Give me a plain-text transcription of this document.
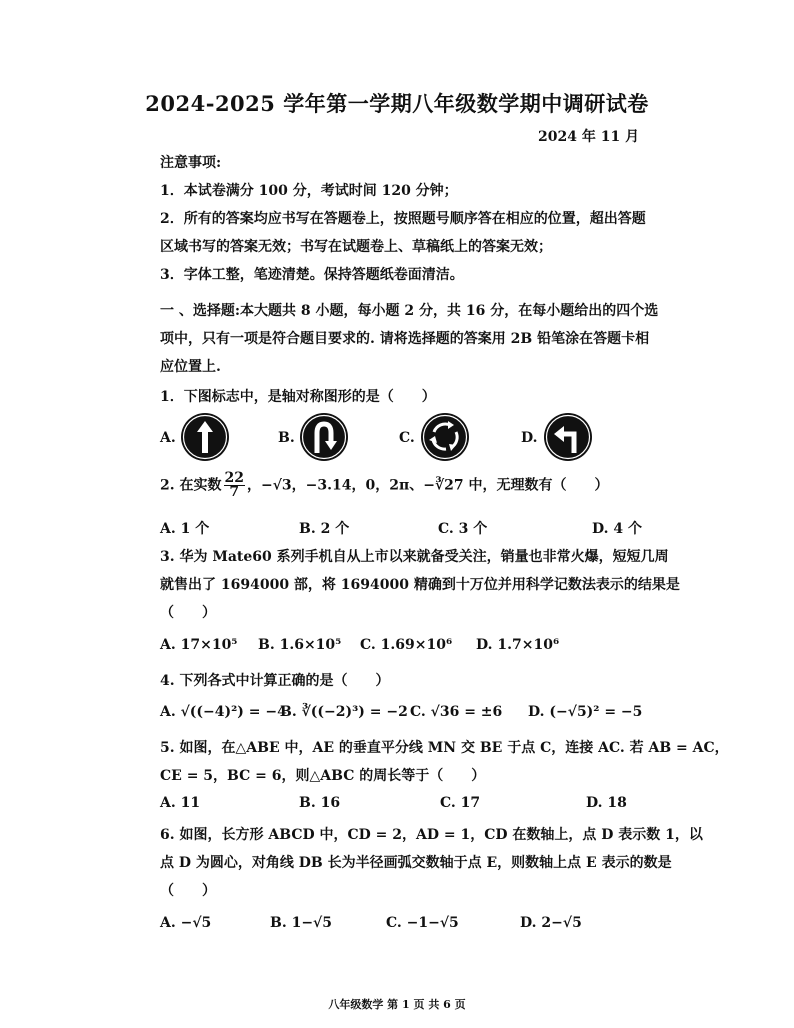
2024-2025 学年第一学期八年级数学期中调研试卷
2024 年 11 月
注意事项:
1．本试卷满分 100 分，考试时间 120 分钟；
2．所有的答案均应书写在答题卷上，按照题号顺序答在相应的位置，超出答题
区域书写的答案无效；书写在试题卷上、草稿纸上的答案无效；
3．字体工整，笔迹清楚。保持答题纸卷面清洁。
一 、选择题:本大题共 8 小题，每小题 2 分，共 16 分，在每小题给出的四个选
项中，只有一项是符合题目要求的. 请将选择题的答案用 2B 铅笔涂在答题卡相
应位置上.
1．下图标志中，是轴对称图形的是（　　）
A.	B.	C.	D.
2. 在实数 $\frac{22}{7}$ ，−√3，−3.14，0，2π、−∛27 中，无理数有（　　）
A. 1 个	B. 2 个	C. 3 个	D. 4 个
3. 华为 Mate60 系列手机自从上市以来就备受关注，销量也非常火爆，短短几周
就售出了 1694000 部，将 1694000 精确到十万位并用科学记数法表示的结果是
（　　）
A. 17×10⁵ B. 1.6×10⁵ C. 1.69×10⁶ D. 1.7×10⁶
4. 下列各式中计算正确的是（　　）
A. √((−4)²) = −4
B. ∛((−2)³) = −2 C. √36 = ±6 D. (−√5)² = −5
5. 如图，在△ABE 中，AE 的垂直平分线 MN 交 BE 于点 C，连接 AC. 若 AB = AC，
CE = 5，BC = 6，则△ABC 的周长等于（　　）
A. 11	B. 16	C. 17	D. 18
6. 如图，长方形 ABCD 中，CD = 2，AD = 1，CD 在数轴上，点 D 表示数 1，以
点 D 为圆心，对角线 DB 长为半径画弧交数轴于点 E，则数轴上点 E 表示的数是
（　　）
A. −√5	B. 1−√5	C. −1−√5	D. 2−√5
八年级数学 第 1 页 共 6 页
